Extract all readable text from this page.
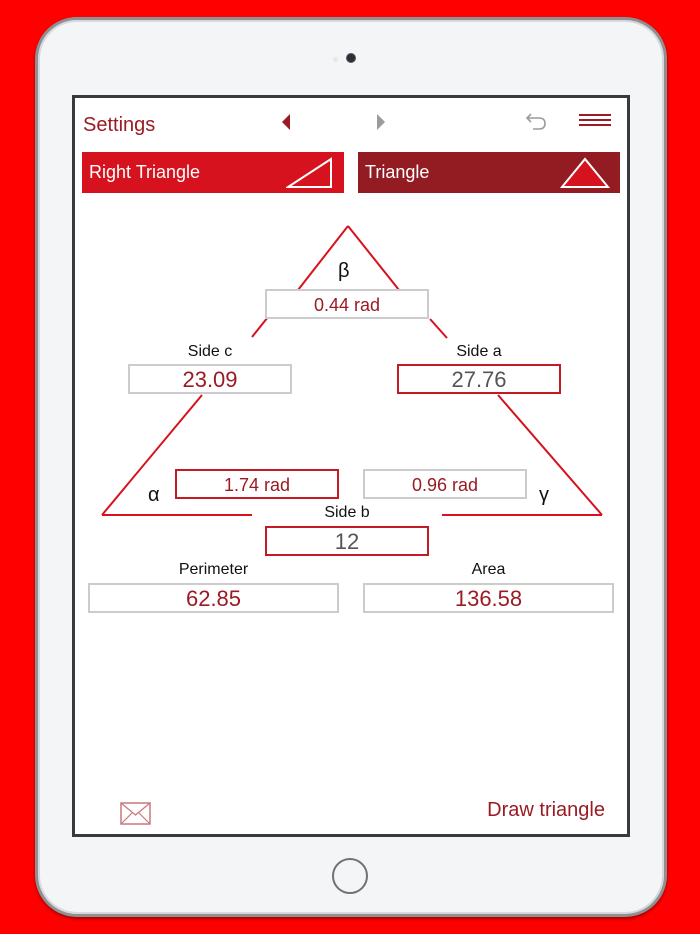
Settings
Right Triangle	Triangle
β
0.44 rad
Side c
23.09
Side a
27.76
α	1.74 rad	0.96 rad	γ
Side b
12
Perimeter
62.85
Area
136.58
Draw triangle
